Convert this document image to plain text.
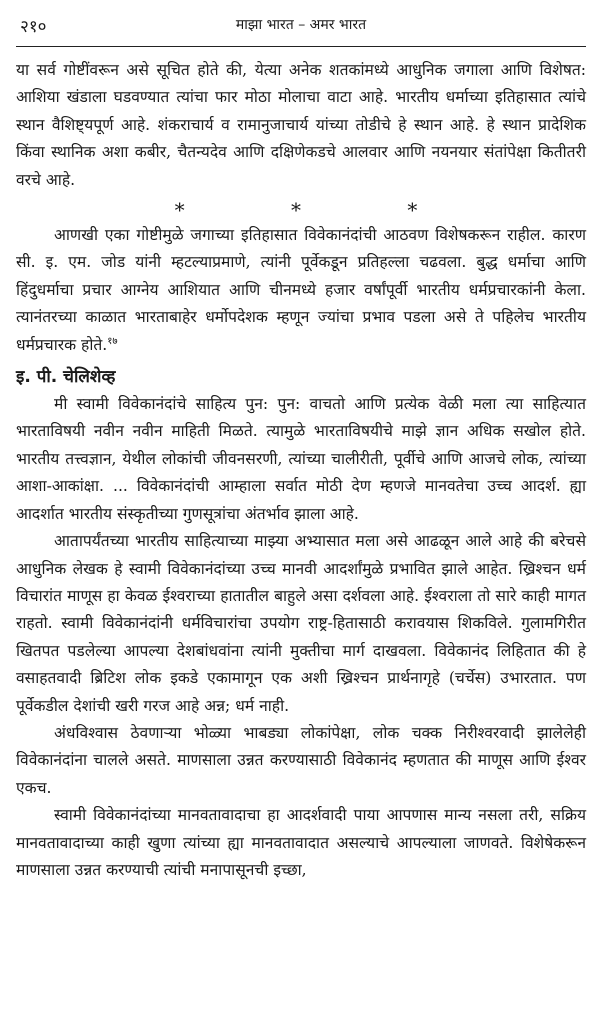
२१०	माझा भारत – अमर भारत

या सर्व गोष्टींवरून असे सूचित होते की, येत्या अनेक शतकांमध्ये आधुनिक जगाला आणि विशेषत: आशिया खंडाला घडवण्यात त्यांचा फार मोठा मोलाचा वाटा आहे. भारतीय धर्माच्या इतिहासात त्यांचे स्थान वैशिष्ट्यपूर्ण आहे. शंकराचार्य व रामानुजाचार्य यांच्या तोडीचे हे स्थान आहे. हे स्थान प्रादेशिक किंवा स्थानिक अशा कबीर, चैतन्यदेव आणि दक्षिणेकडचे आलवार आणि नयनयार संतांपेक्षा कितीतरी वरचे आहे.

* * *

आणखी एका गोष्टीमुळे जगाच्या इतिहासात विवेकानंदांची आठवण विशेषकरून राहील. कारण सी. इ. एम. जोड यांनी म्हटल्याप्रमाणे, त्यांनी पूर्वेकडून प्रतिहल्ला चढवला. बुद्ध धर्माचा आणि हिंदुधर्माचा प्रचार आग्नेय आशियात आणि चीनमध्ये हजार वर्षांपूर्वी भारतीय धर्मप्रचारकांनी केला. त्यानंतरच्या काळात भारताबाहेर धर्मोपदेशक म्हणून ज्यांचा प्रभाव पडला असे ते पहिलेच भारतीय धर्मप्रचारक होते.$^{१७}$

इ. पी. चेलिशेव्ह

मी स्वामी विवेकानंदांचे साहित्य पुन: पुन: वाचतो आणि प्रत्येक वेळी मला त्या साहित्यात भारताविषयी नवीन नवीन माहिती मिळते. त्यामुळे भारताविषयीचे माझे ज्ञान अधिक सखोल होते. भारतीय तत्त्वज्ञान, येथील लोकांची जीवनसरणी, त्यांच्या चालीरीती, पूर्वीचे आणि आजचे लोक, त्यांच्या आशा-आकांक्षा. ... विवेकानंदांची आम्हाला सर्वात मोठी देण म्हणजे मानवतेचा उच्च आदर्श. ह्या आदर्शात भारतीय संस्कृतीच्या गुणसूत्रांचा अंतर्भाव झाला आहे.

आतापर्यंतच्या भारतीय साहित्याच्या माझ्या अभ्यासात मला असे आढळून आले आहे की बरेचसे आधुनिक लेखक हे स्वामी विवेकानंदांच्या उच्च मानवी आदर्शांमुळे प्रभावित झाले आहेत. ख्रिश्चन धर्म विचारांत माणूस हा केवळ ईश्वराच्या हातातील बाहुले असा दर्शवला आहे. ईश्वराला तो सारे काही मागत राहतो. स्वामी विवेकानंदांनी धर्मविचारांचा उपयोग राष्ट्र-हितासाठी करावयास शिकविले. गुलामगिरीत खितपत पडलेल्या आपल्या देशबांधवांना त्यांनी मुक्तीचा मार्ग दाखवला. विवेकानंद लिहितात की हे वसाहतवादी ब्रिटिश लोक इकडे एकामागून एक अशी ख्रिश्चन प्रार्थनागृहे (चर्चेस) उभारतात. पण पूर्वेकडील देशांची खरी गरज आहे अन्न; धर्म नाही.

अंधविश्वास ठेवणाऱ्या भोळ्या भाबड्या लोकांपेक्षा, लोक चक्क निरीश्वरवादी झालेलेही विवेकानंदांना चालले असते. माणसाला उन्नत करण्यासाठी विवेकानंद म्हणतात की माणूस आणि ईश्वर एकच.

स्वामी विवेकानंदांच्या मानवतावादाचा हा आदर्शवादी पाया आपणास मान्य नसला तरी, सक्रिय मानवतावादाच्या काही खुणा त्यांच्या ह्या मानवतावादात असल्याचे आपल्याला जाणवते. विशेषेकरून माणसाला उन्नत करण्याची त्यांची मनापासूनची इच्छा,
